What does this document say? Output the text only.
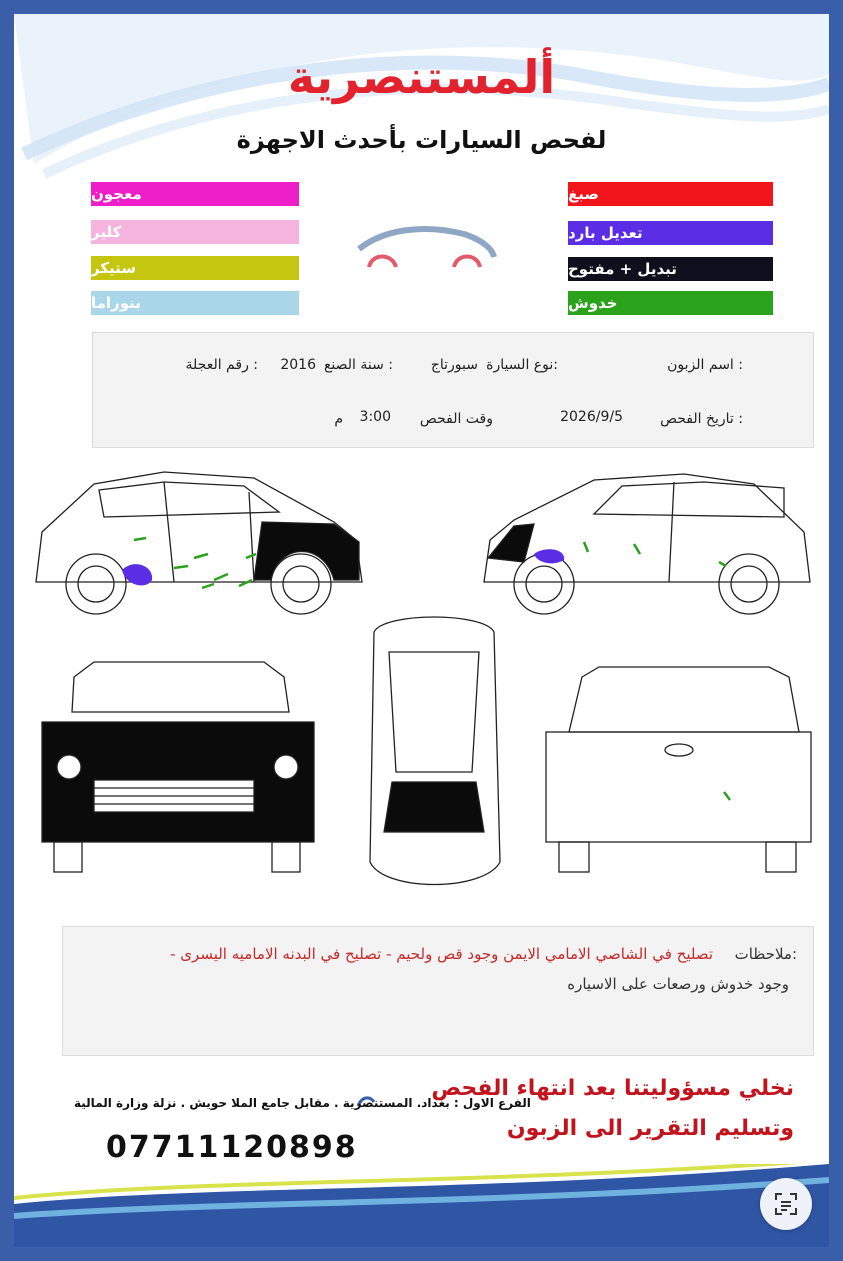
ألمستنصرية
لفحص السيارات بأحدث الاجهزة
صبغ
تعديل بارد
تبديل + مفتوح
خدوش
معجون
كلير
ستيكر
بنوراما
اسم الزبون :
نوع السيارة:
سبورتاج
سنة الصنع :
2016
رقم العجلة :
تاريخ الفحص :
2026/9/5
وقت الفحص
3:00
م
ملاحظات:
تصليح في الشاصي الامامي الايمن وجود قص ولحيم - تصليح في البدنه الاماميه اليسرى -
وجود خدوش ورصعات على الاسياره
نخلي مسؤوليتنا بعد انتهاء الفحص
وتسليم التقرير الى الزبون
الفرع الاول : بغداد. المستنصرية . مقابل جامع الملا حويش . نزلة وزارة المالية
07711120898
